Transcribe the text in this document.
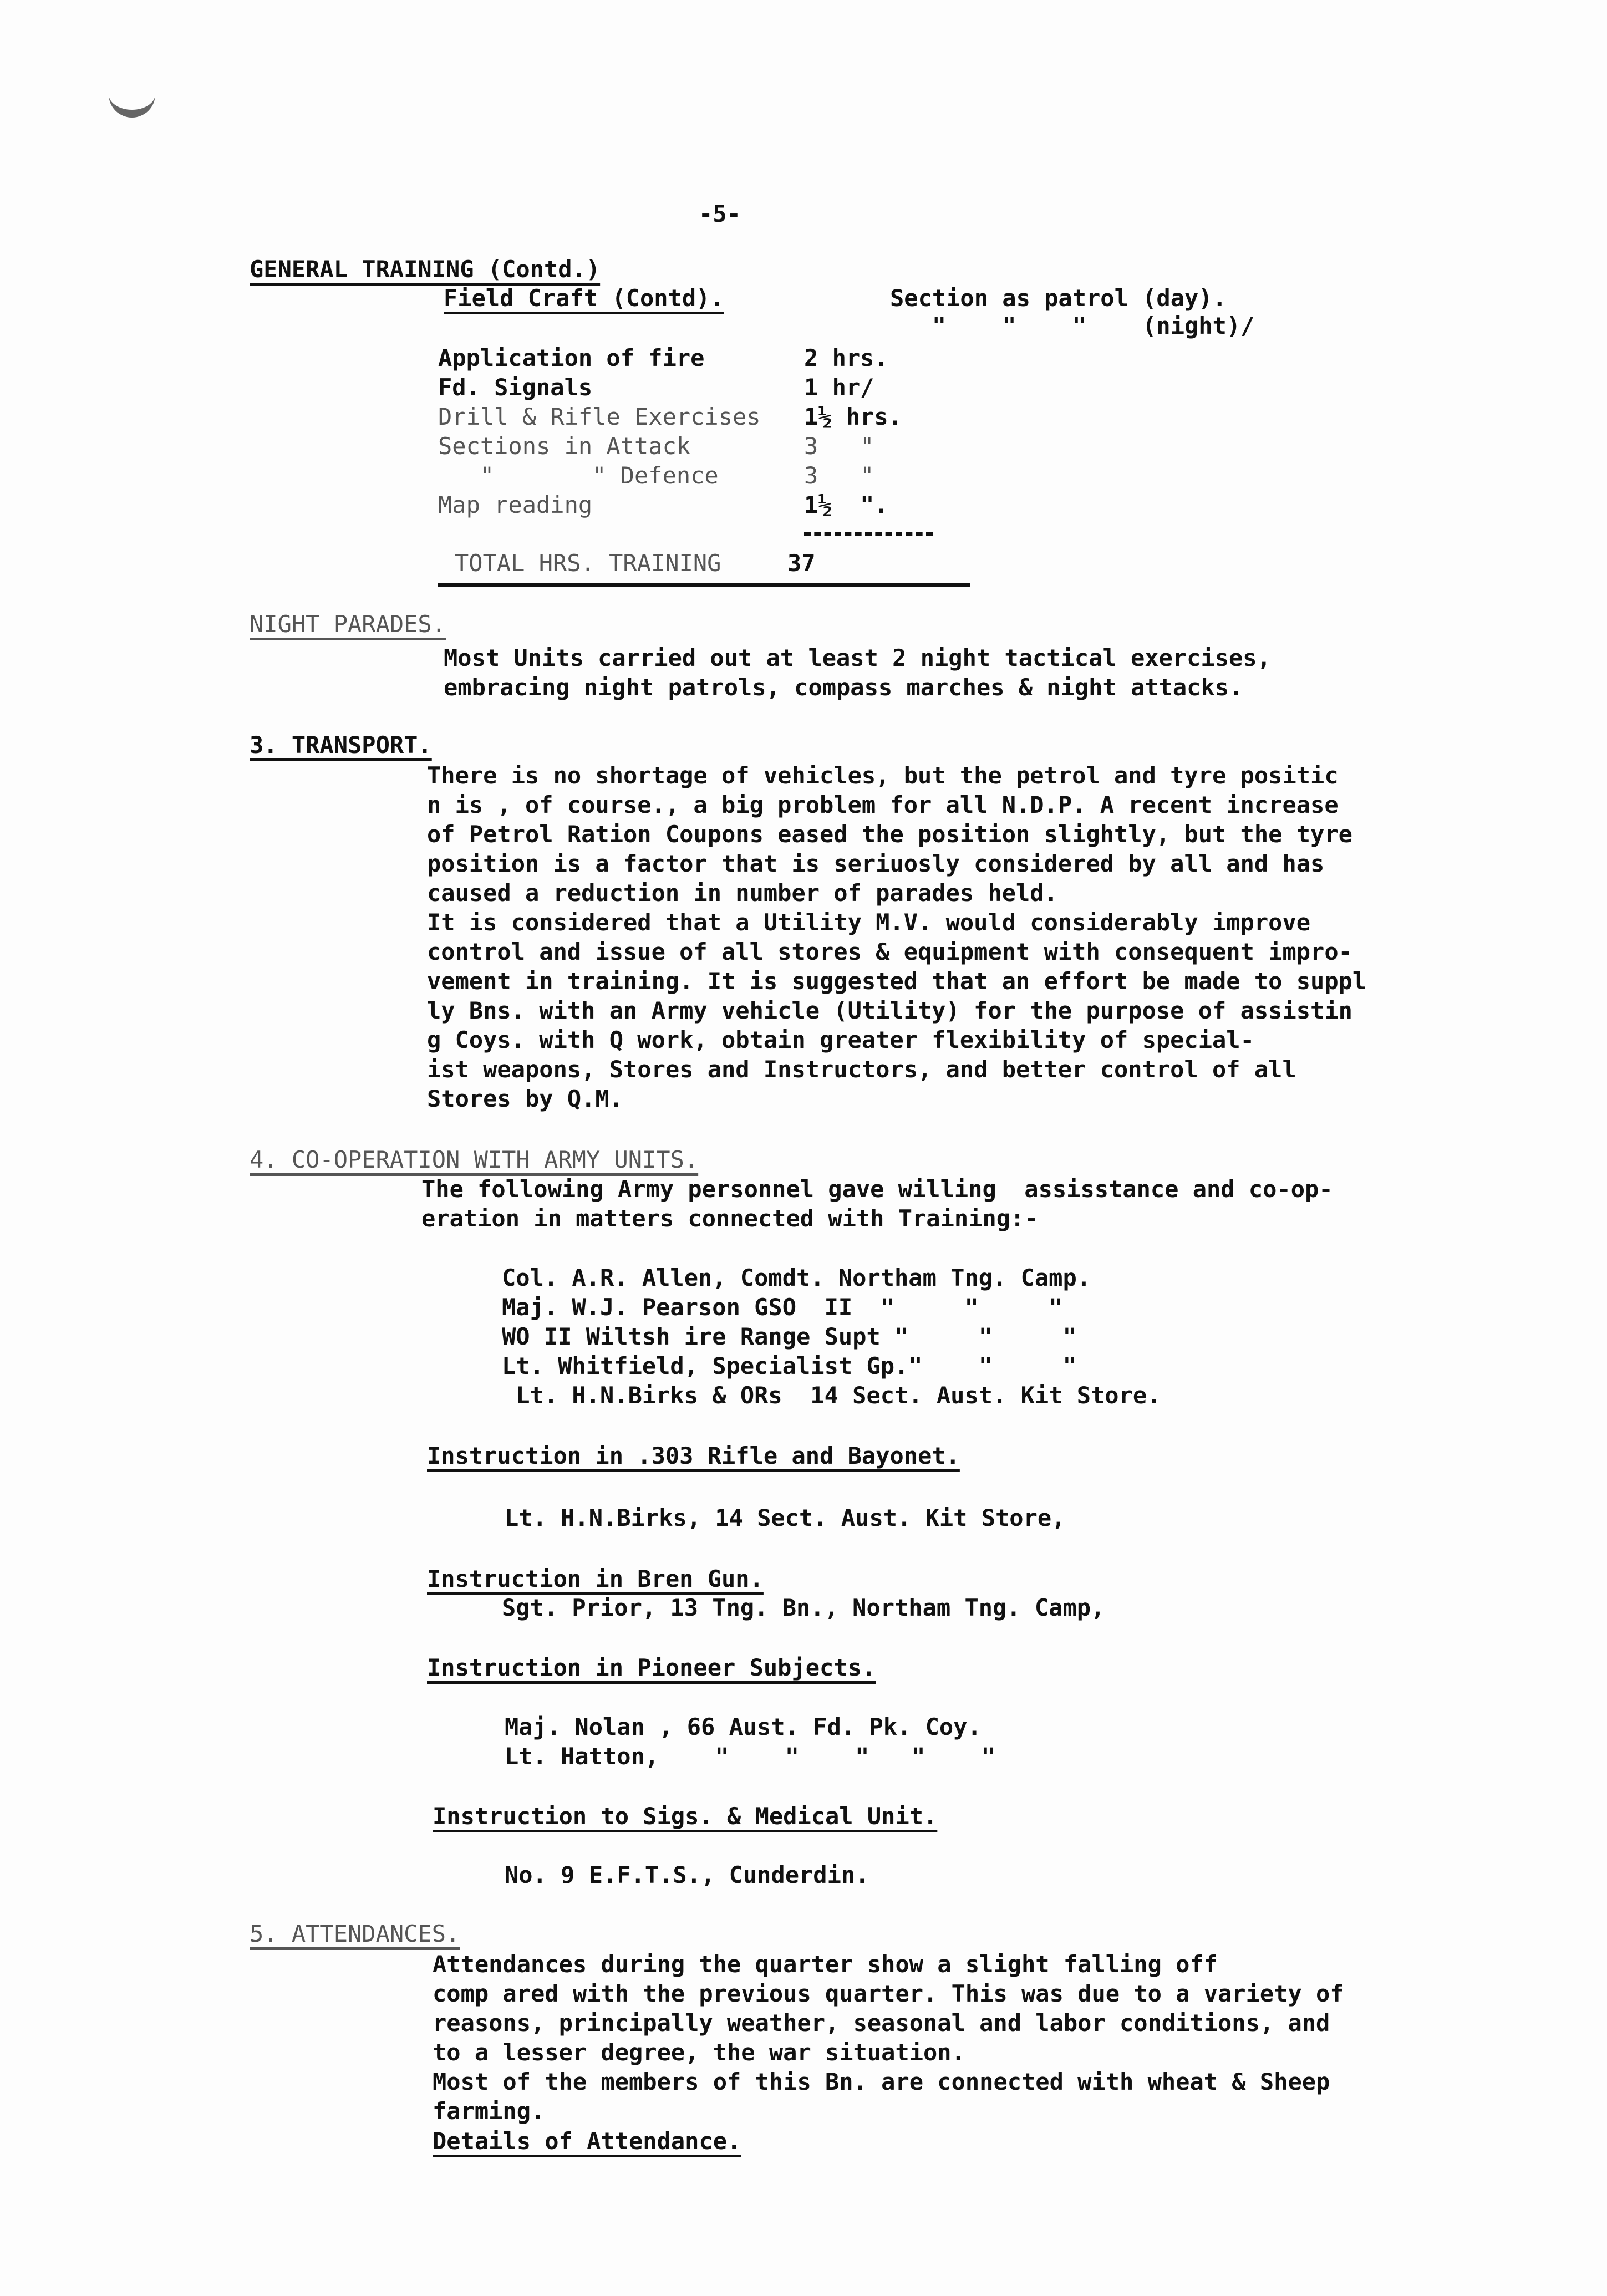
-5-
GENERAL TRAINING (Contd.)
Field Craft (Contd).	Section as patrol (day).
"    "    "    (night)/
Application of fire	2 hrs.
Fd. Signals	1 hr/
Drill & Rifle Exercises 1½ hrs.
Sections in Attack	3   "
"       " Defence	3   "
Map reading	1½  ".
TOTAL HRS. TRAINING	37
NIGHT PARADES.
Most Units carried out at least 2 night tactical exercises,
embracing night patrols, compass marches & night attacks.
3. TRANSPORT.
There is no shortage of vehicles, but the petrol and tyre positic
n is , of course., a big problem for all N.D.P. A recent increase
of Petrol Ration Coupons eased the position slightly, but the tyre
position is a factor that is seriuosly considered by all and has
caused a reduction in number of parades held.
It is considered that a Utility M.V. would considerably improve
control and issue of all stores & equipment with consequent impro-
vement in training. It is suggested that an effort be made to suppl
ly Bns. with an Army vehicle (Utility) for the purpose of assistin
g Coys. with Q work, obtain greater flexibility of special-
ist weapons, Stores and Instructors, and better control of all
Stores by Q.M.
4. CO-OPERATION WITH ARMY UNITS.
The following Army personnel gave willing  assisstance and co-op-
eration in matters connected with Training:-
Col. A.R. Allen, Comdt. Northam Tng. Camp.
Maj. W.J. Pearson GSO  II  "     "     "
WO II Wiltsh ire Range Supt "     "     "
Lt. Whitfield, Specialist Gp."    "     "
Lt. H.N.Birks & ORs  14 Sect. Aust. Kit Store.
Instruction in .303 Rifle and Bayonet.
Lt. H.N.Birks, 14 Sect. Aust. Kit Store,
Instruction in Bren Gun.
Sgt. Prior, 13 Tng. Bn., Northam Tng. Camp,
Instruction in Pioneer Subjects.
Maj. Nolan , 66 Aust. Fd. Pk. Coy.
Lt. Hatton,    "    "    "   "    "
Instruction to Sigs. & Medical Unit.
No. 9 E.F.T.S., Cunderdin.
5. ATTENDANCES.
Attendances during the quarter show a slight falling off
comp ared with the previous quarter. This was due to a variety of
reasons, principally weather, seasonal and labor conditions, and
to a lesser degree, the war situation.
Most of the members of this Bn. are connected with wheat & Sheep
farming.
Details of Attendance.
